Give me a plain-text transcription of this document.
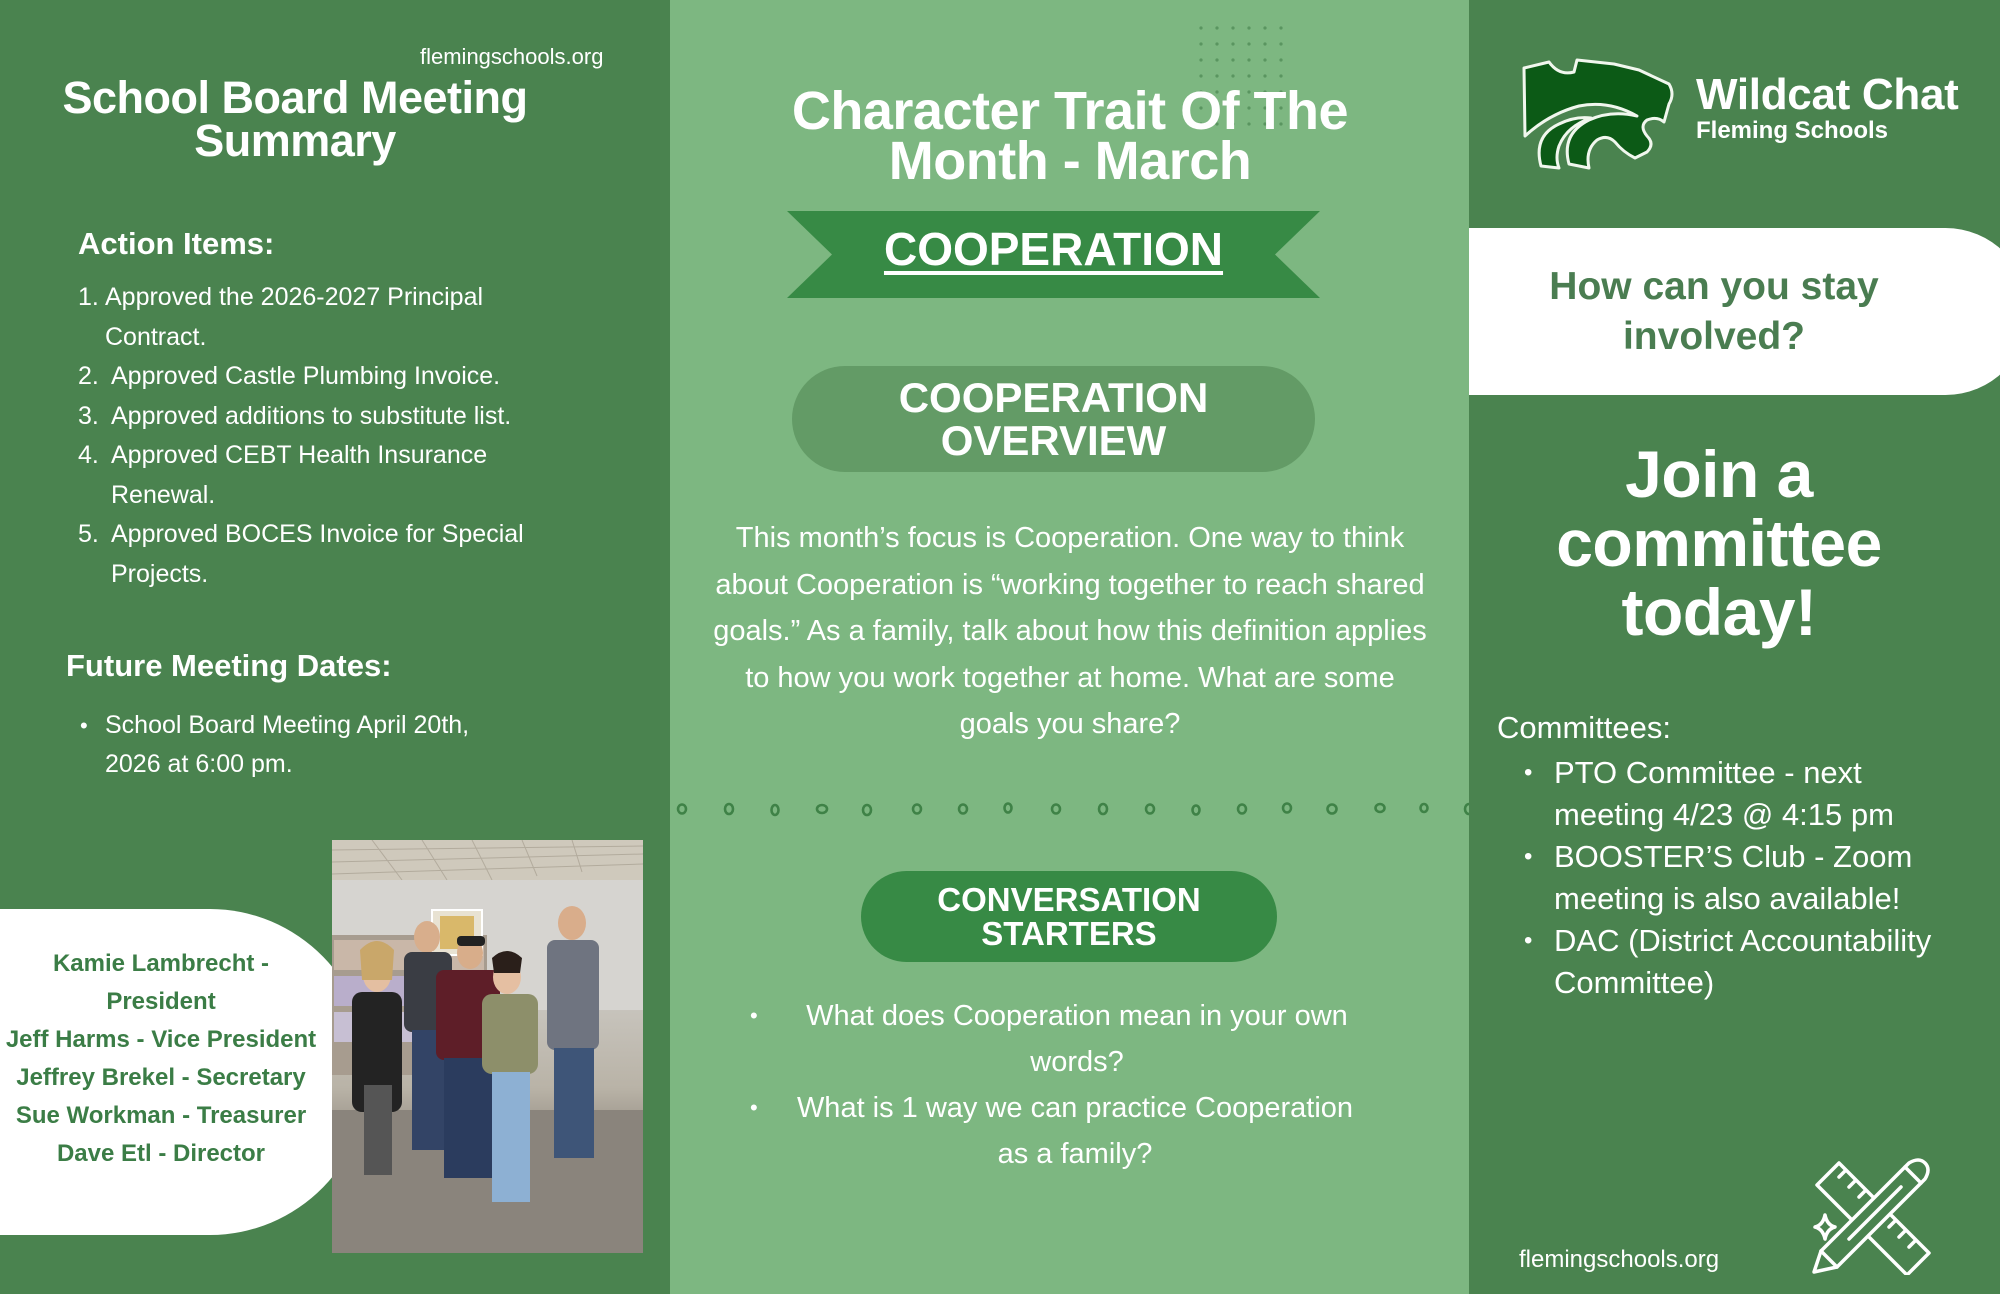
flemingschools.org
School Board Meeting Summary
Action Items:
1. Approved the 2026-2027 Principal Contract.
2. Approved Castle Plumbing Invoice.
3. Approved additions to substitute list.
4. Approved CEBT Health Insurance Renewal.
5. Approved BOCES Invoice for Special Projects.
Future Meeting Dates:
• School Board Meeting April 20th, 2026 at 6:00 pm.
Kamie Lambrecht - President
Jeff Harms - Vice President
Jeffrey Brekel - Secretary
Sue Workman - Treasurer
Dave Etl - Director
Character Trait Of The Month - March
COOPERATION
COOPERATION OVERVIEW

This month’s focus is Cooperation. One way to think about Cooperation is “working together to reach shared goals.” As a family, talk about how this definition applies to how you work together at home. What are some goals you share?

CONVERSATION STARTERS
• What does Cooperation mean in your own words?
• What is 1 way we can practice Cooperation as a family?
Wildcat Chat
Fleming Schools
How can you stay involved?
Join a committee today!
Committees:
• PTO Committee - next meeting 4/23 @ 4:15 pm
• BOOSTER’S Club - Zoom meeting is also available!
• DAC (District Accountability Committee)
flemingschools.org
